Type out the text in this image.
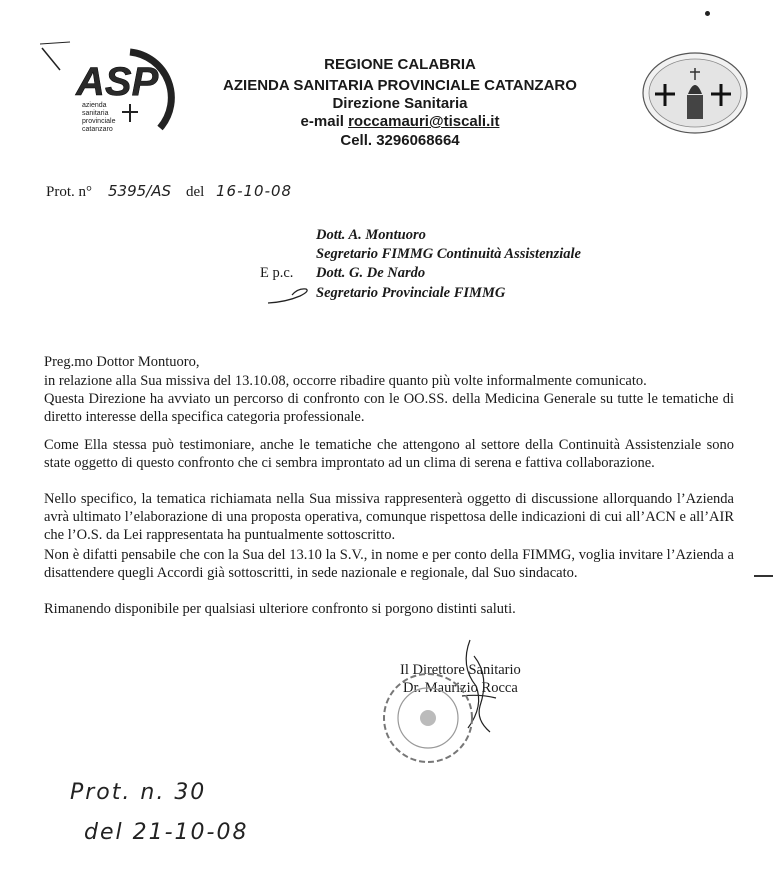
ASP
azienda
sanitaria
provinciale
catanzaro
REGIONE CALABRIA
AZIENDA SANITARIA PROVINCIALE CATANZARO
Direzione Sanitaria
e-mail roccamauri@tiscali.it
Cell. 3296068664
Prot. n° 5395/AS del 16-10-08
Dott. A. Montuoro
Segretario FIMMG Continuità Assistenziale
E p.c. Dott. G. De Nardo
Segretario Provinciale FIMMG
Preg.mo Dottor Montuoro,

in relazione alla Sua missiva del 13.10.08, occorre ribadire quanto più volte informalmente comunicato.

Questa Direzione ha avviato un percorso di confronto con le OO.SS. della Medicina Generale su tutte le tematiche di diretto interesse della specifica categoria professionale.

Come Ella stessa può testimoniare, anche le tematiche che attengono al settore della Continuità Assistenziale sono state oggetto di questo confronto che ci sembra improntato ad un clima di serena e fattiva collaborazione.

Nello specifico, la tematica richiamata nella Sua missiva rappresenterà oggetto di discussione allorquando l’Azienda avrà ultimato l’elaborazione di una proposta operativa, comunque rispettosa delle indicazioni di cui all’ACN e all’AIR che l’O.S. da Lei rappresentata ha puntualmente sottoscritto.

Non è difatti pensabile che con la Sua del 13.10 la S.V., in nome e per conto della FIMMG, voglia invitare l’Azienda a disattendere quegli Accordi già sottoscritti, in sede nazionale e regionale, dal Suo sindacato.

Rimanendo disponibile per qualsiasi ulteriore confronto si porgono distinti saluti.

Il Direttore Sanitario
Dr. Maurizio Rocca
Prot. n. 30
del 21-10-08
